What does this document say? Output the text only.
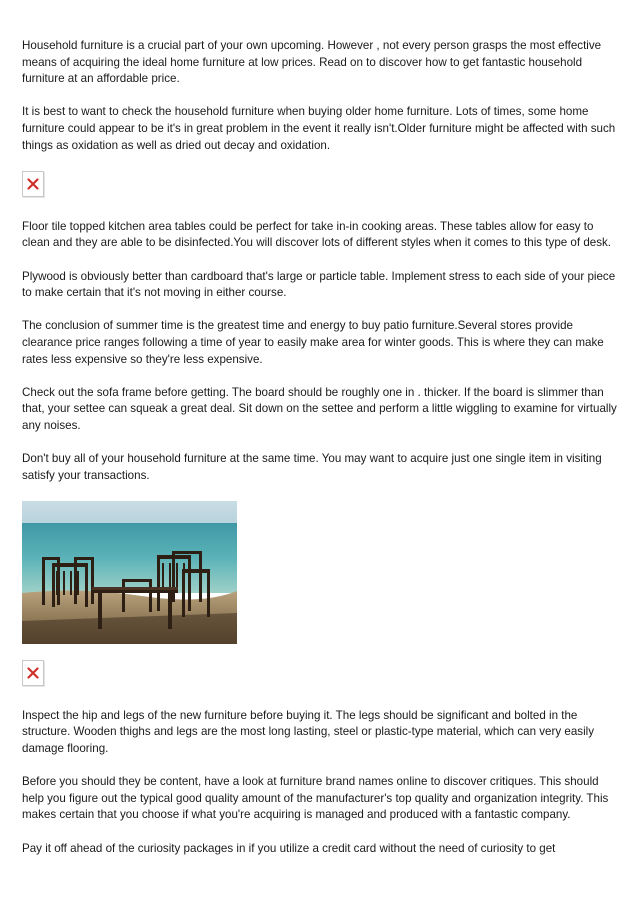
Household furniture is a crucial part of your own upcoming. However , not every person grasps the most effective means of acquiring the ideal home furniture at low prices. Read on to discover how to get fantastic household furniture at an affordable price.

It is best to want to check the household furniture when buying older home furniture. Lots of times, some home furniture could appear to be it's in great problem in the event it really isn't.Older furniture might be affected with such things as oxidation as well as dried out decay and oxidation.

Floor tile topped kitchen area tables could be perfect for take in-in cooking areas. These tables allow for easy to clean and they are able to be disinfected.You will discover lots of different styles when it comes to this type of desk.

Plywood is obviously better than cardboard that's large or particle table. Implement stress to each side of your piece to make certain that it's not moving in either course.

The conclusion of summer time is the greatest time and energy to buy patio furniture.Several stores provide clearance price ranges following a time of year to easily make area for winter goods. This is where they can make rates less expensive so they're less expensive.

Check out the sofa frame before getting. The board should be roughly one in . thicker. If the board is slimmer than that, your settee can squeak a great deal. Sit down on the settee and perform a little wiggling to examine for virtually any noises.

Don't buy all of your household furniture at the same time. You may want to acquire just one single item in visiting satisfy your transactions.

Inspect the hip and legs of the new furniture before buying it. The legs should be significant and bolted in the structure. Wooden thighs and legs are the most long lasting, steel or plastic-type material, which can very easily damage flooring.

Before you should they be content, have a look at furniture brand names online to discover critiques. This should help you figure out the typical good quality amount of the manufacturer's top quality and organization integrity. This makes certain that you choose if what you're acquiring is managed and produced with a fantastic company.

Pay it off ahead of the curiosity packages in if you utilize a credit card without the need of curiosity to get
